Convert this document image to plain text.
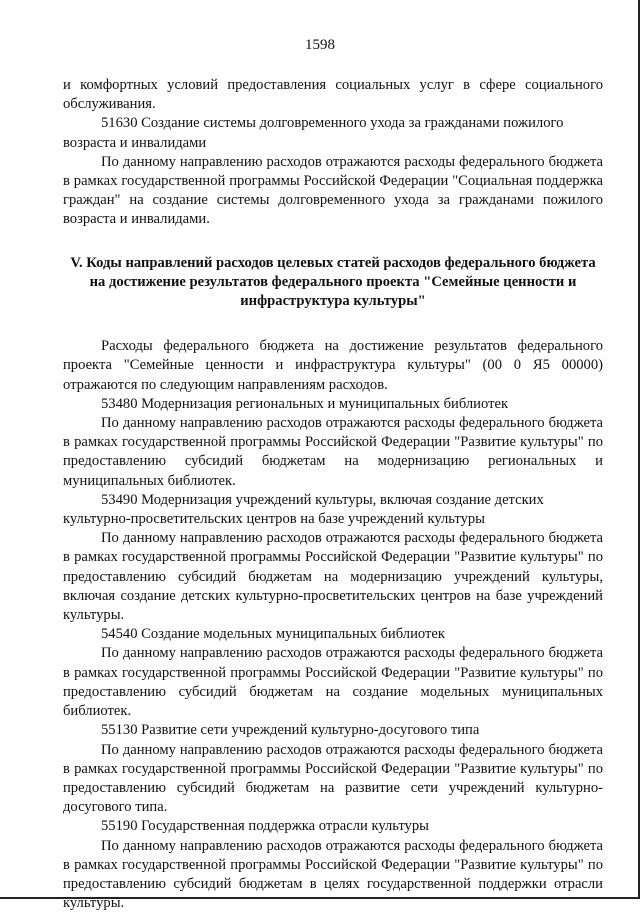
1598

и комфортных условий предоставления социальных услуг в сфере социального обслуживания.

51630 Создание системы долговременного ухода за гражданами пожилого возраста и инвалидами

По данному направлению расходов отражаются расходы федерального бюджета в рамках государственной программы Российской Федерации "Социальная поддержка граждан" на создание системы долговременного ухода за гражданами пожилого возраста и инвалидами.

V. Коды направлений расходов целевых статей расходов федерального бюджета на достижение результатов федерального проекта "Семейные ценности и инфраструктура культуры"

Расходы федерального бюджета на достижение результатов федерального проекта "Семейные ценности и инфраструктура культуры" (00 0 Я5 00000) отражаются по следующим направлениям расходов.

53480 Модернизация региональных и муниципальных библиотек

По данному направлению расходов отражаются расходы федерального бюджета в рамках государственной программы Российской Федерации "Развитие культуры" по предоставлению субсидий бюджетам на модернизацию региональных и муниципальных библиотек.

53490 Модернизация учреждений культуры, включая создание детских культурно-просветительских центров на базе учреждений культуры

По данному направлению расходов отражаются расходы федерального бюджета в рамках государственной программы Российской Федерации "Развитие культуры" по предоставлению субсидий бюджетам на модернизацию учреждений культуры, включая создание детских культурно-просветительских центров на базе учреждений культуры.

54540 Создание модельных муниципальных библиотек

По данному направлению расходов отражаются расходы федерального бюджета в рамках государственной программы Российской Федерации "Развитие культуры" по предоставлению субсидий бюджетам на создание модельных муниципальных библиотек.

55130 Развитие сети учреждений культурно-досугового типа

По данному направлению расходов отражаются расходы федерального бюджета в рамках государственной программы Российской Федерации "Развитие культуры" по предоставлению субсидий бюджетам на развитие сети учреждений культурно-досугового типа.

55190 Государственная поддержка отрасли культуры

По данному направлению расходов отражаются расходы федерального бюджета в рамках государственной программы Российской Федерации "Развитие культуры" по предоставлению субсидий бюджетам в целях государственной поддержки отрасли культуры.
